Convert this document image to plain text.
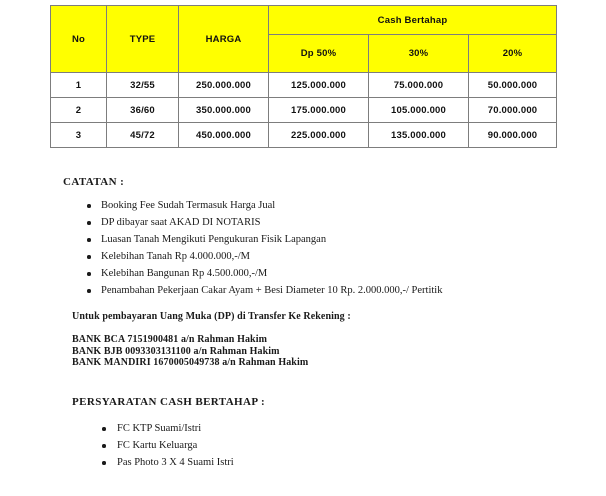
No	TYPE	HARGA	Cash Bertahap		
			Dp 50%	30%	20%
1	32/55	250.000.000	125.000.000	75.000.000	50.000.000
2	36/60	350.000.000	175.000.000	105.000.000	70.000.000
3	45/72	450.000.000	225.000.000	135.000.000	90.000.000
CATATAN :
Booking Fee Sudah Termasuk Harga Jual
DP dibayar saat AKAD DI NOTARIS
Luasan Tanah Mengikuti Pengukuran Fisik Lapangan
Kelebihan Tanah Rp 4.000.000,-/M
Kelebihan Bangunan Rp 4.500.000,-/M
Penambahan Pekerjaan Cakar Ayam + Besi Diameter 10 Rp. 2.000.000,-/ Pertitik
Untuk pembayaran Uang Muka (DP) di Transfer Ke Rekening :
BANK BCA 7151900481 a/n Rahman Hakim
BANK BJB 0093303131100 a/n Rahman Hakim
BANK MANDIRI 1670005049738 a/n Rahman Hakim
PERSYARATAN CASH BERTAHAP :
FC KTP Suami/Istri
FC Kartu Keluarga
Pas Photo 3 X 4 Suami Istri
